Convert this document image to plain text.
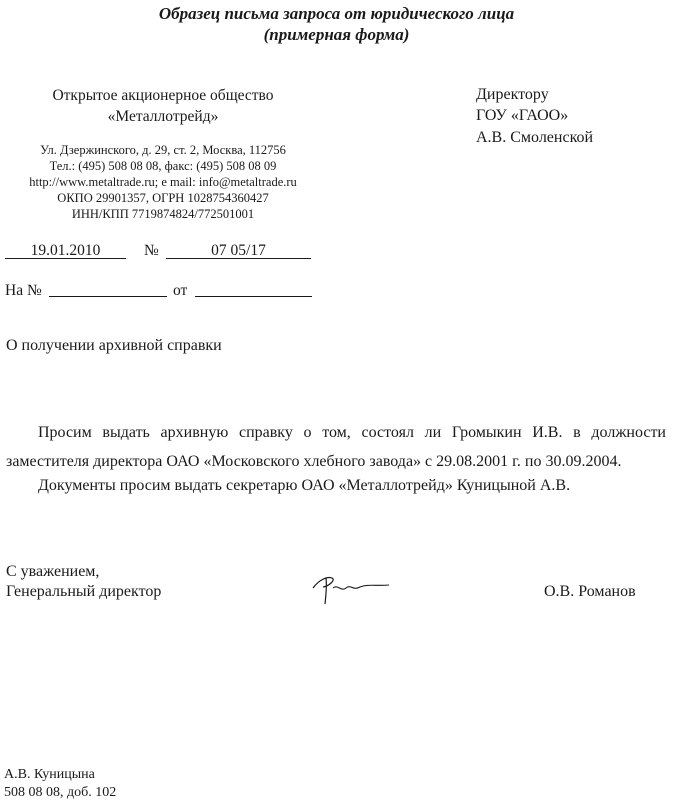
Образец письма запроса от юридического лица
(примерная форма)
Открытое акционерное общество
«Металлотрейд»
Ул. Дзержинского, д. 29, ст. 2, Москва, 112756
Тел.: (495) 508 08 08, факс: (495) 508 08 09
http://www.metaltrade.ru; e mail: info@metaltrade.ru
ОКПО 29901357, ОГРН 1028754360427
ИНН/КПП 7719874824/772501001
Директору
ГОУ «ГАОО»
А.В. Смоленской
19.01.2010	№	07 05/17
На №	от
О получении архивной справки
Просим выдать архивную справку о том, состоял ли Громыкин И.В. в должности заместителя директора ОАО «Московского хлебного завода» с 29.08.2001 г. по 30.09.2004.
Документы просим выдать секретарю ОАО «Металлотрейд» Куницыной А.В.
С уважением,
Генеральный директор	О.В. Романов
А.В. Куницына
508 08 08, доб. 102
